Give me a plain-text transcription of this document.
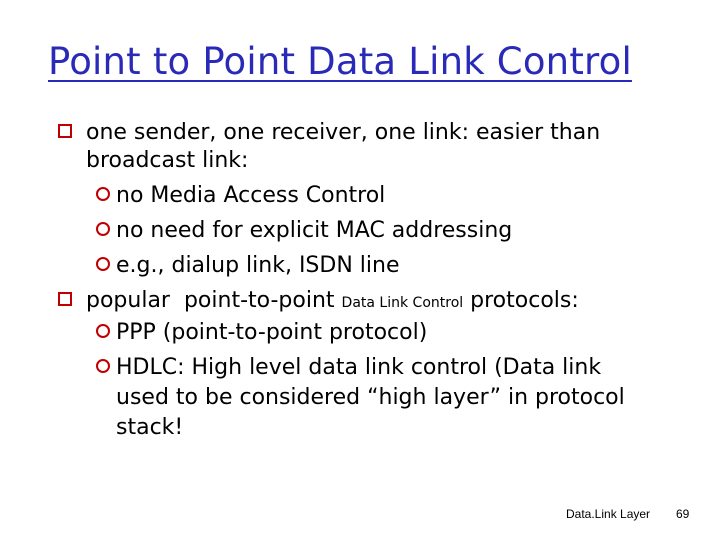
Point to Point Data Link Control
one sender, one receiver, one link: easier than
broadcast link:
no Media Access Control
no need for explicit MAC addressing
e.g., dialup link, ISDN line
popular  point-to-point Data Link Control protocols:
PPP (point-to-point protocol)
HDLC: High level data link control (Data link
used to be considered “high layer” in protocol
stack!
Data.Link Layer 69
